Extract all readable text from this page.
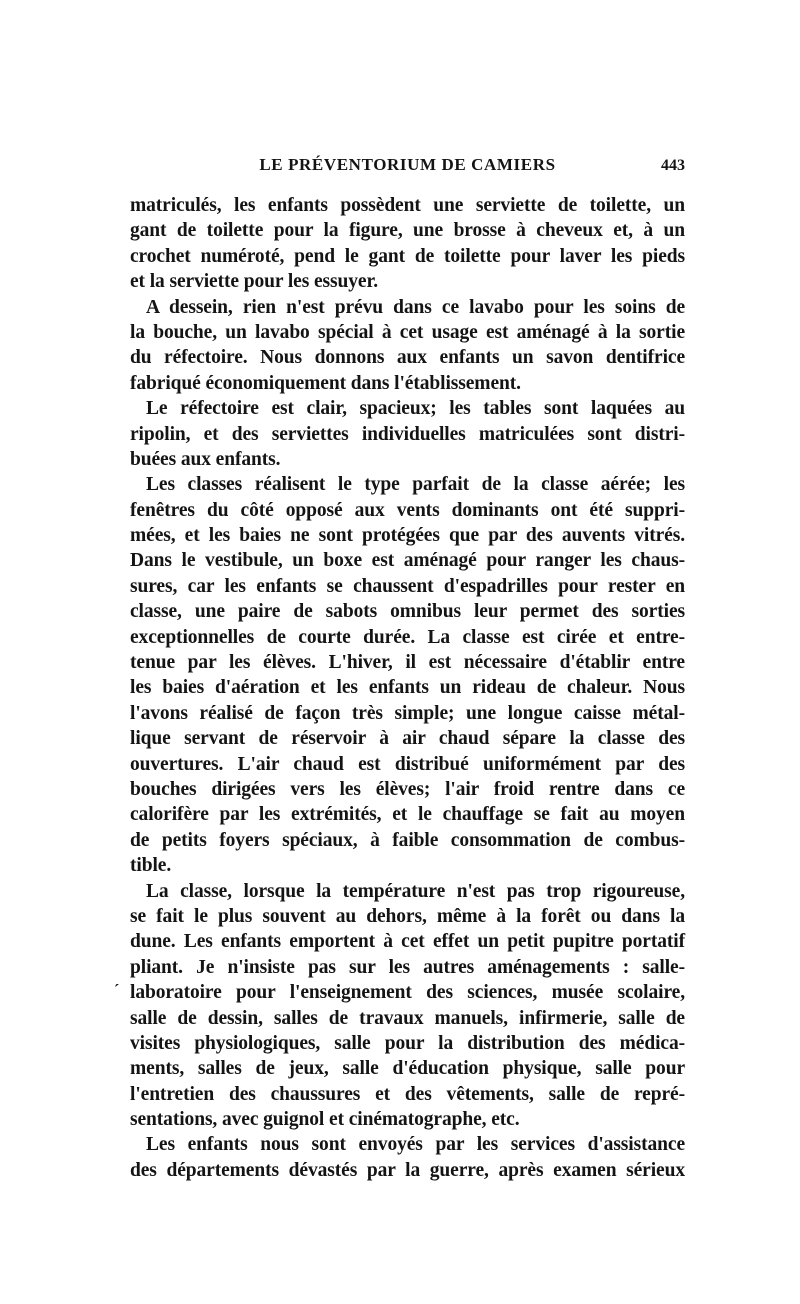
LE PRÉVENTORIUM DE CAMIERS	443
ˊ
matriculés, les enfants possèdent une serviette de toilette, un
gant de toilette pour la figure, une brosse à cheveux et, à un
crochet numéroté, pend le gant de toilette pour laver les pieds
et la serviette pour les essuyer.
A dessein, rien n'est prévu dans ce lavabo pour les soins de
la bouche, un lavabo spécial à cet usage est aménagé à la sortie
du réfectoire. Nous donnons aux enfants un savon dentifrice
fabriqué économiquement dans l'établissement.
Le réfectoire est clair, spacieux; les tables sont laquées au
ripolin, et des serviettes individuelles matriculées sont distri-
buées aux enfants.
Les classes réalisent le type parfait de la classe aérée; les
fenêtres du côté opposé aux vents dominants ont été suppri-
mées, et les baies ne sont protégées que par des auvents vitrés.
Dans le vestibule, un boxe est aménagé pour ranger les chaus-
sures, car les enfants se chaussent d'espadrilles pour rester en
classe, une paire de sabots omnibus leur permet des sorties
exceptionnelles de courte durée. La classe est cirée et entre-
tenue par les élèves. L'hiver, il est nécessaire d'établir entre
les baies d'aération et les enfants un rideau de chaleur. Nous
l'avons réalisé de façon très simple; une longue caisse métal-
lique servant de réservoir à air chaud sépare la classe des
ouvertures. L'air chaud est distribué uniformément par des
bouches dirigées vers les élèves; l'air froid rentre dans ce
calorifère par les extrémités, et le chauffage se fait au moyen
de petits foyers spéciaux, à faible consommation de combus-
tible.
La classe, lorsque la température n'est pas trop rigoureuse,
se fait le plus souvent au dehors, même à la forêt ou dans la
dune. Les enfants emportent à cet effet un petit pupitre portatif
pliant. Je n'insiste pas sur les autres aménagements : salle-
laboratoire pour l'enseignement des sciences, musée scolaire,
salle de dessin, salles de travaux manuels, infirmerie, salle de
visites physiologiques, salle pour la distribution des médica-
ments, salles de jeux, salle d'éducation physique, salle pour
l'entretien des chaussures et des vêtements, salle de repré-
sentations, avec guignol et cinématographe, etc.
Les enfants nous sont envoyés par les services d'assistance
des départements dévastés par la guerre, après examen sérieux
